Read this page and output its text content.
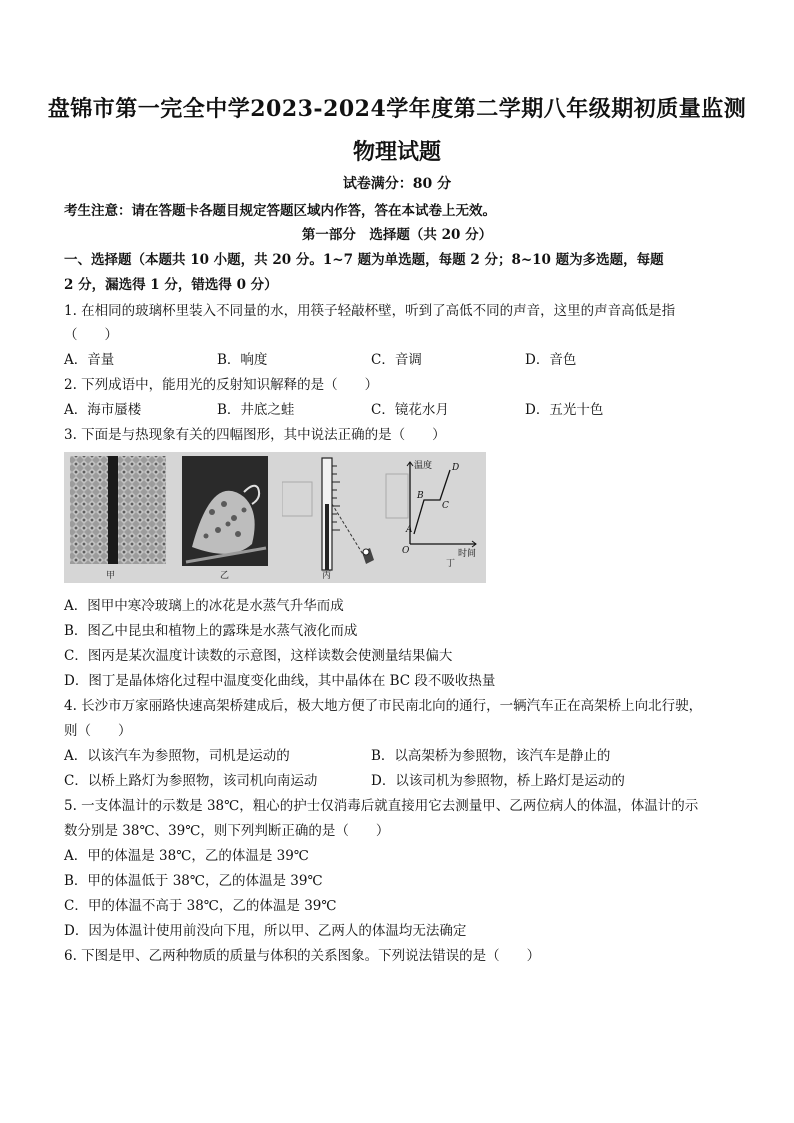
盘锦市第一完全中学2023-2024学年度第二学期八年级期初质量监测
物理试题
试卷满分：80 分
考生注意：请在答题卡各题目规定答题区域内作答，答在本试卷上无效。
第一部分　选择题（共 20 分）
一、选择题（本题共 10 小题，共 20 分。1~7 题为单选题，每题 2 分；8~10 题为多选题，每题
2 分，漏选得 1 分，错选得 0 分）
1. 在相同的玻璃杯里装入不同量的水，用筷子轻敲杯壁，听到了高低不同的声音，这里的声音高低是指
（　　）
A．音量	B．响度	C．音调	D．音色
2. 下列成语中，能用光的反射知识解释的是（　　）
A．海市蜃楼	B．井底之蛙	C．镜花水月	D．五光十色
3. 下面是与热现象有关的四幅图形，其中说法正确的是（　　）
甲	乙	丙
温度
时间
O
A
B
C
D
丁
A．图甲中寒冷玻璃上的冰花是水蒸气升华而成
B．图乙中昆虫和植物上的露珠是水蒸气液化而成
C．图丙是某次温度计读数的示意图，这样读数会使测量结果偏大
D．图丁是晶体熔化过程中温度变化曲线，其中晶体在 BC 段不吸收热量
4. 长沙市万家丽路快速高架桥建成后，极大地方便了市民南北向的通行，一辆汽车正在高架桥上向北行驶，
则（　　）
A．以该汽车为参照物，司机是运动的	B．以高架桥为参照物，该汽车是静止的
C．以桥上路灯为参照物，该司机向南运动	D．以该司机为参照物，桥上路灯是运动的
5. 一支体温计的示数是 38℃，粗心的护士仅消毒后就直接用它去测量甲、乙两位病人的体温，体温计的示
数分别是 38℃、39℃，则下列判断正确的是（　　）
A．甲的体温是 38℃，乙的体温是 39℃
B．甲的体温低于 38℃，乙的体温是 39℃
C．甲的体温不高于 38℃，乙的体温是 39℃
D．因为体温计使用前没向下甩，所以甲、乙两人的体温均无法确定
6. 下图是甲、乙两种物质的质量与体积的关系图象。下列说法错误的是（　　）
